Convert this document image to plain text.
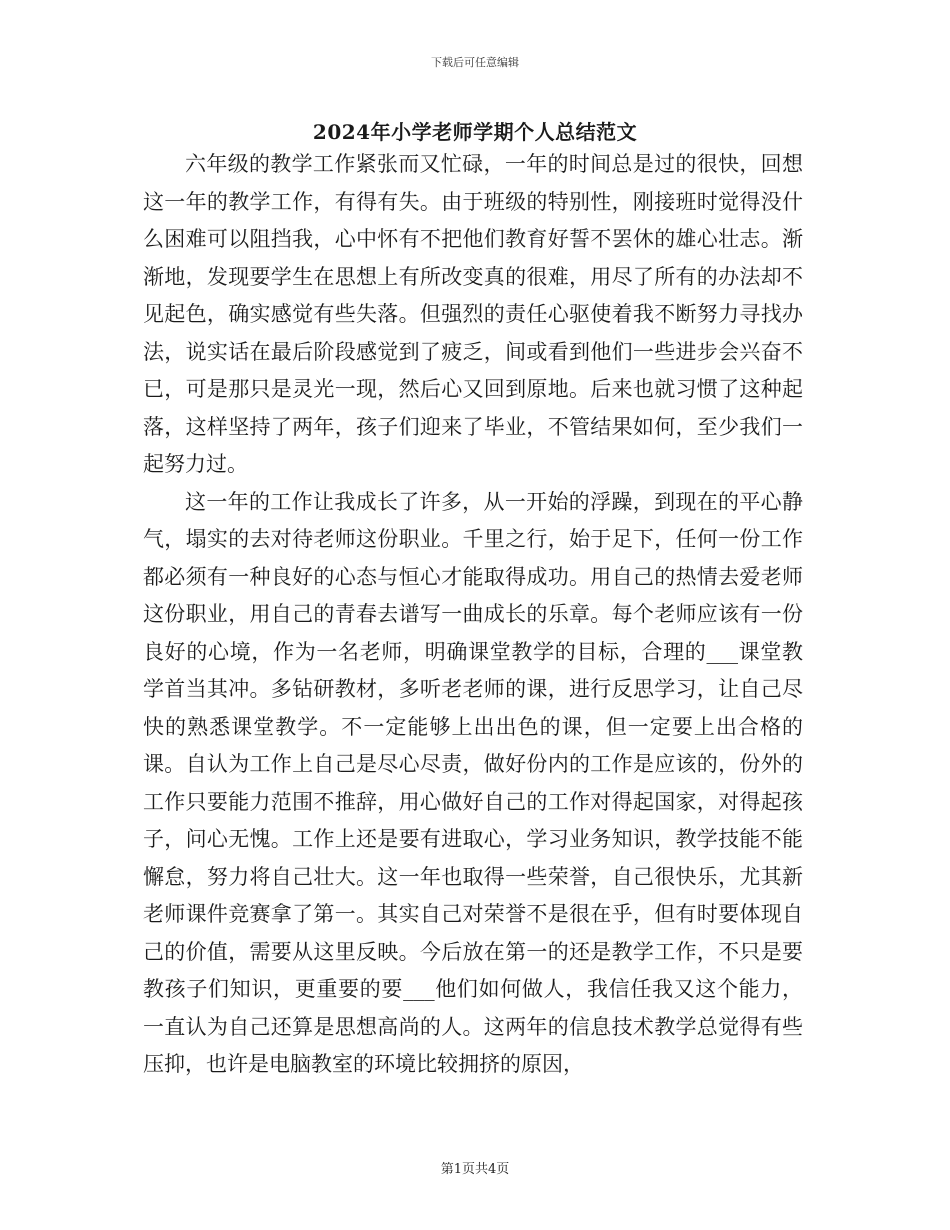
下载后可任意编辑
2024年小学老师学期个人总结范文

六年级的教学工作紧张而又忙碌，一年的时间总是过的很快，回想这一年的教学工作，有得有失。由于班级的特别性，刚接班时觉得没什么困难可以阻挡我，心中怀有不把他们教育好誓不罢休的雄心壮志。渐渐地，发现要学生在思想上有所改变真的很难，用尽了所有的办法却不见起色，确实感觉有些失落。但强烈的责任心驱使着我不断努力寻找办法，说实话在最后阶段感觉到了疲乏，间或看到他们一些进步会兴奋不已，可是那只是灵光一现，然后心又回到原地。后来也就习惯了这种起落，这样坚持了两年，孩子们迎来了毕业，不管结果如何，至少我们一起努力过。

这一年的工作让我成长了许多，从一开始的浮躁，到现在的平心静气，塌实的去对待老师这份职业。千里之行，始于足下，任何一份工作都必须有一种良好的心态与恒心才能取得成功。用自己的热情去爱老师这份职业，用自己的青春去谱写一曲成长的乐章。每个老师应该有一份良好的心境，作为一名老师，明确课堂教学的目标，合理的___课堂教学首当其冲。多钻研教材，多听老老师的课，进行反思学习，让自己尽快的熟悉课堂教学。不一定能够上出出色的课，但一定要上出合格的课。自认为工作上自己是尽心尽责，做好份内的工作是应该的，份外的工作只要能力范围不推辞，用心做好自己的工作对得起国家，对得起孩子，问心无愧。工作上还是要有进取心，学习业务知识，教学技能不能懈怠，努力将自己壮大。这一年也取得一些荣誉，自己很快乐，尤其新老师课件竞赛拿了第一。其实自己对荣誉不是很在乎，但有时要体现自己的价值，需要从这里反映。今后放在第一的还是教学工作，不只是要教孩子们知识，更重要的要___他们如何做人，我信任我又这个能力，一直认为自己还算是思想高尚的人。这两年的信息技术教学总觉得有些压抑，也许是电脑教室的环境比较拥挤的原因，

第1页共4页
